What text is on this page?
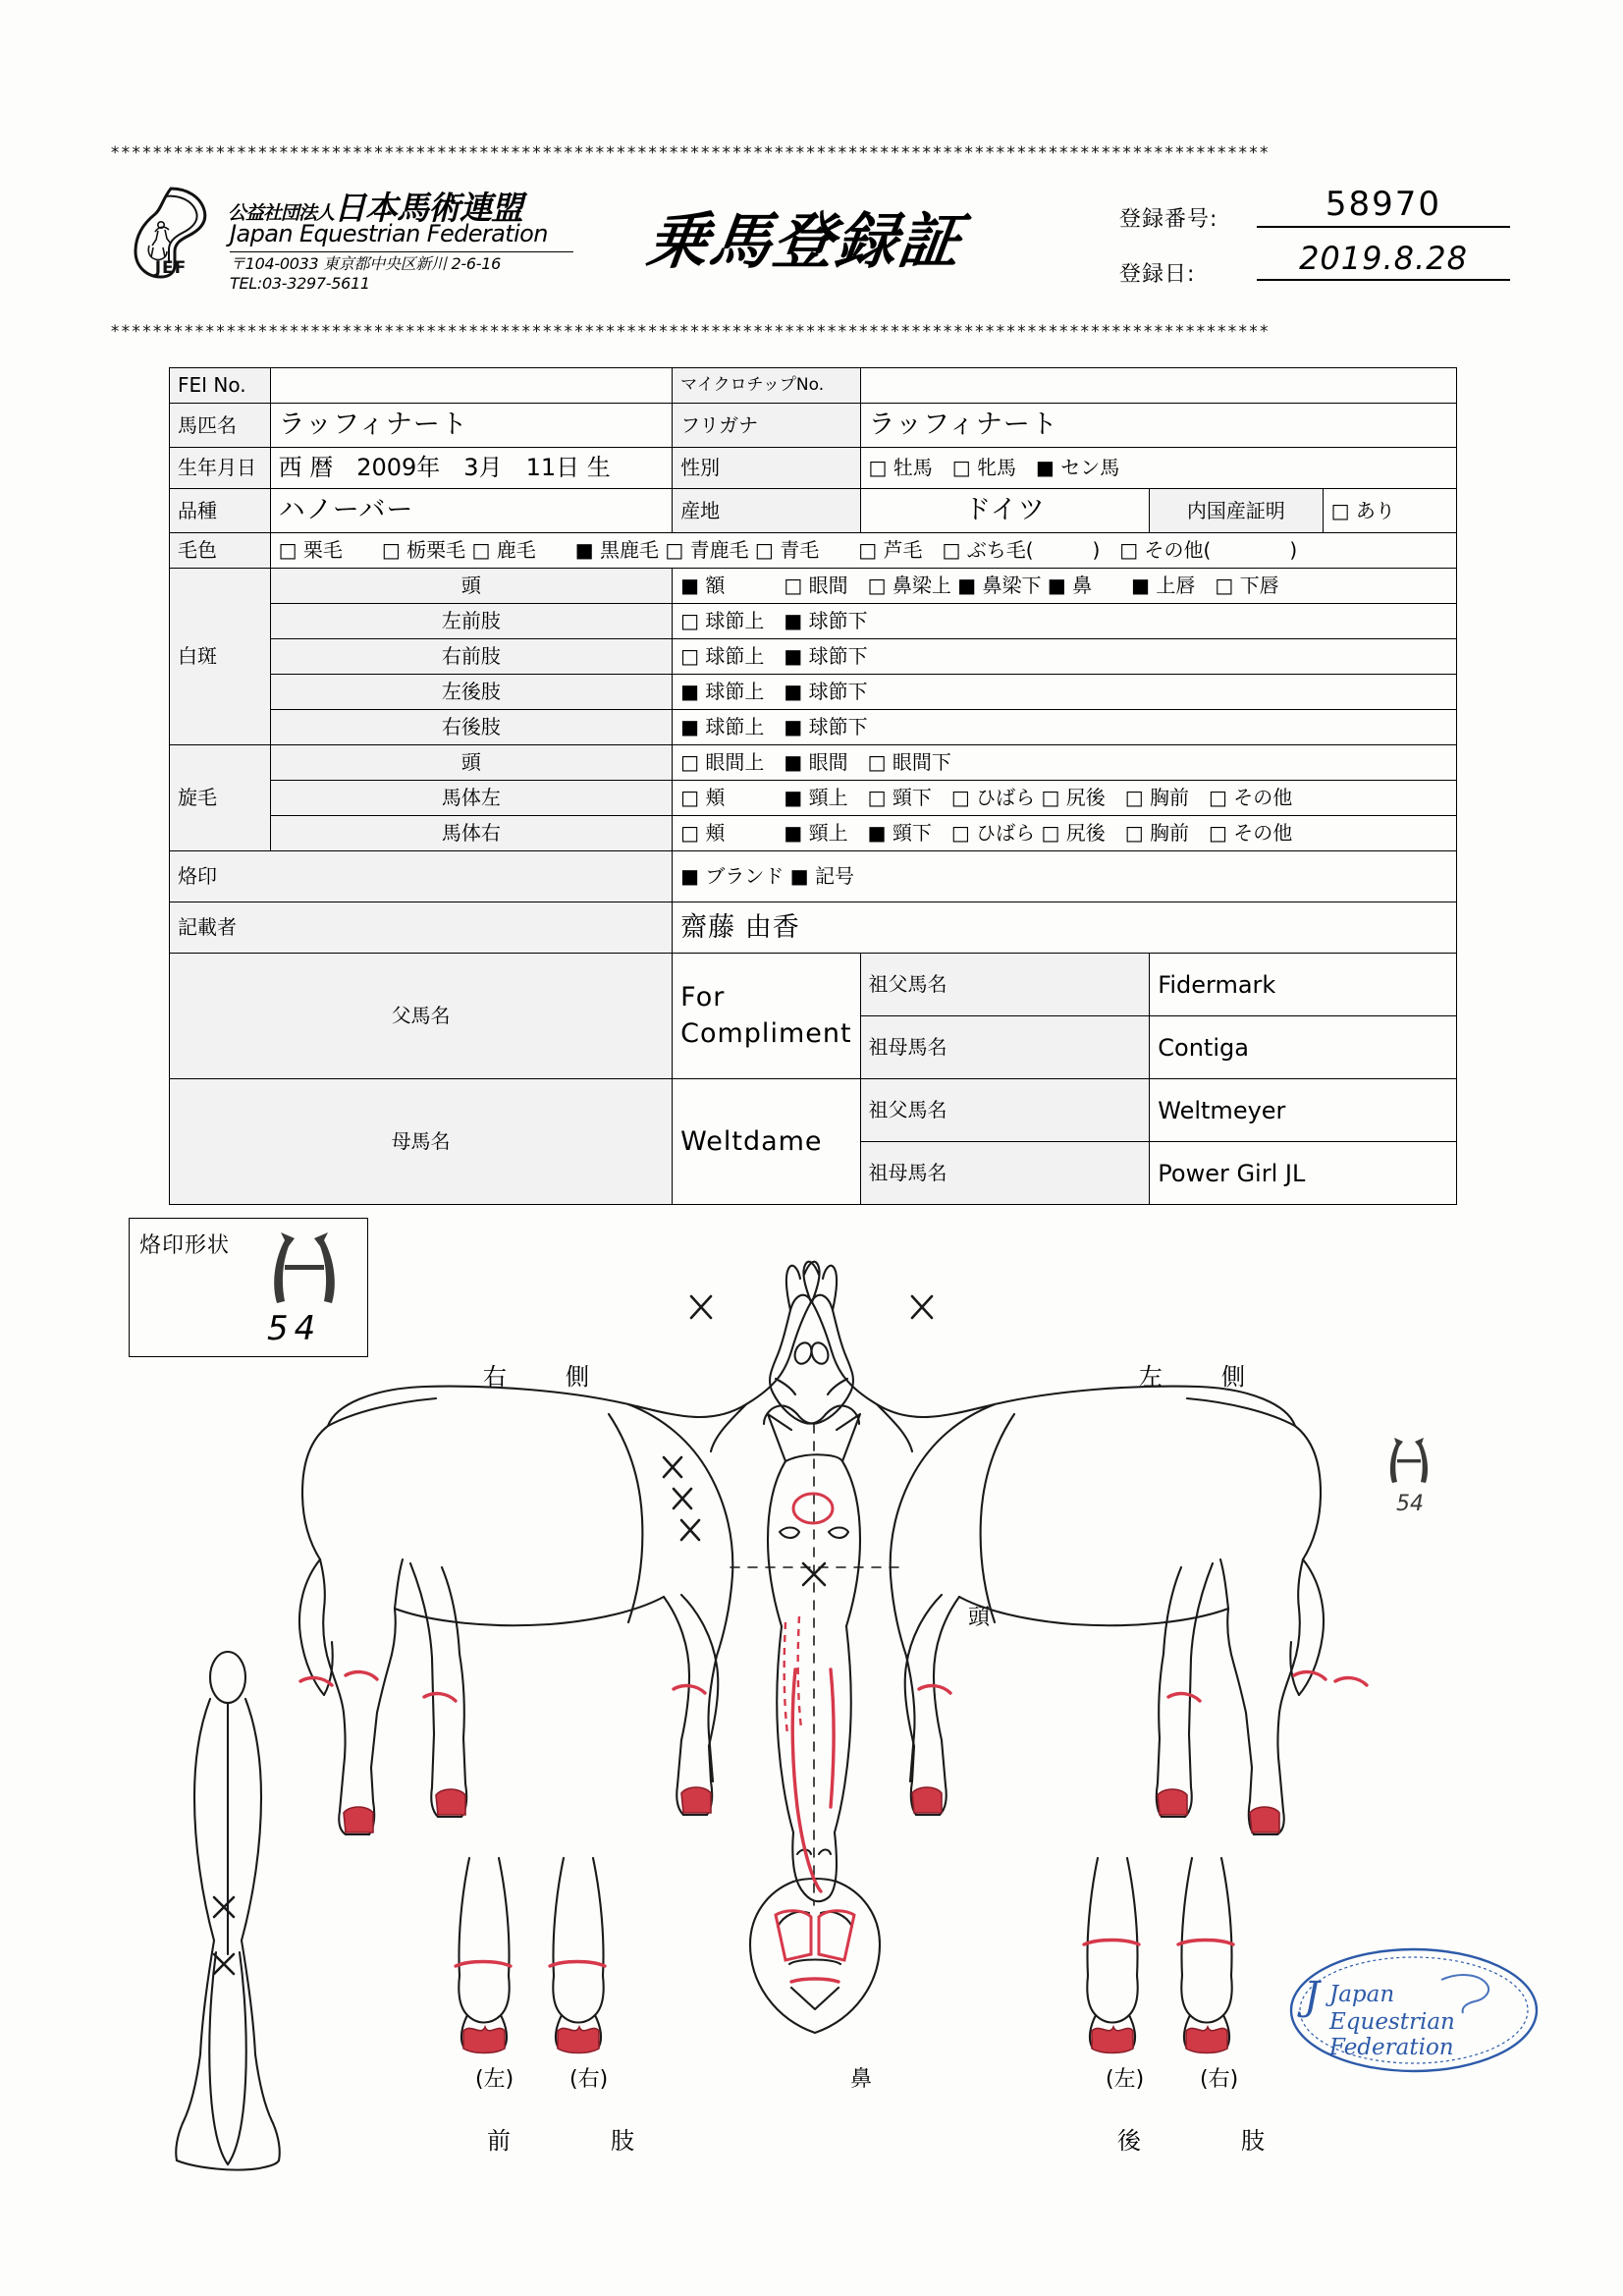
**************************************************************************************************************
JEF
公益社団法人日本馬術連盟
Japan Equestrian Federation
〒104-0033 東京都中央区新川 2-6-16
TEL:03-3297-5611
乗馬登録証	登録番号:	58970
登録日:	2019.8.28
**************************************************************************************************************
FEI No.		マイクロチップNo.			
馬匹名	ラッフィナート	フリガナ	ラッフィナート		
生年月日	西 暦　2009年　3月　11日 生	性別	□ 牡馬　□ 牝馬　■ セン馬		
品種	ハノーバー	産地	ドイツ	内国産証明	□ あり
毛色	□ 栗毛　　□ 栃栗毛 □ 鹿毛　　■ 黒鹿毛 □ 青鹿毛 □ 青毛　　□ 芦毛　□ ぶち毛(　　　)　□ その他(　　　　)				
白斑	頭	■ 額　　　□ 眼間　□ 鼻梁上 ■ 鼻梁下 ■ 鼻　　■ 上唇　□ 下唇			
	左前肢	□ 球節上　■ 球節下			
	右前肢	□ 球節上　■ 球節下			
	左後肢	■ 球節上　■ 球節下			
	右後肢	■ 球節上　■ 球節下			
旋毛	頭	□ 眼間上　■ 眼間　□ 眼間下			
	馬体左	□ 頬　　　■ 頸上　□ 頸下　□ ひばら □ 尻後　□ 胸前　□ その他			
	馬体右	□ 頬　　　■ 頸上　■ 頸下　□ ひばら □ 尻後　□ 胸前　□ その他			
烙印		■ ブランド ■ 記号			
記載者		齋藤 由香			
父馬名		For Compliment	祖父馬名	Fidermark	
			祖母馬名	Contiga	
母馬名		Weltdame	祖父馬名	Weltmeyer	
			祖母馬名	Power Girl JL	
烙印形状
54
右　側	左　側
頭
(左)	(右)
前　　肢
鼻	(左)	(右)
後　　肢
J Japan
Equestrian
Federation
54
